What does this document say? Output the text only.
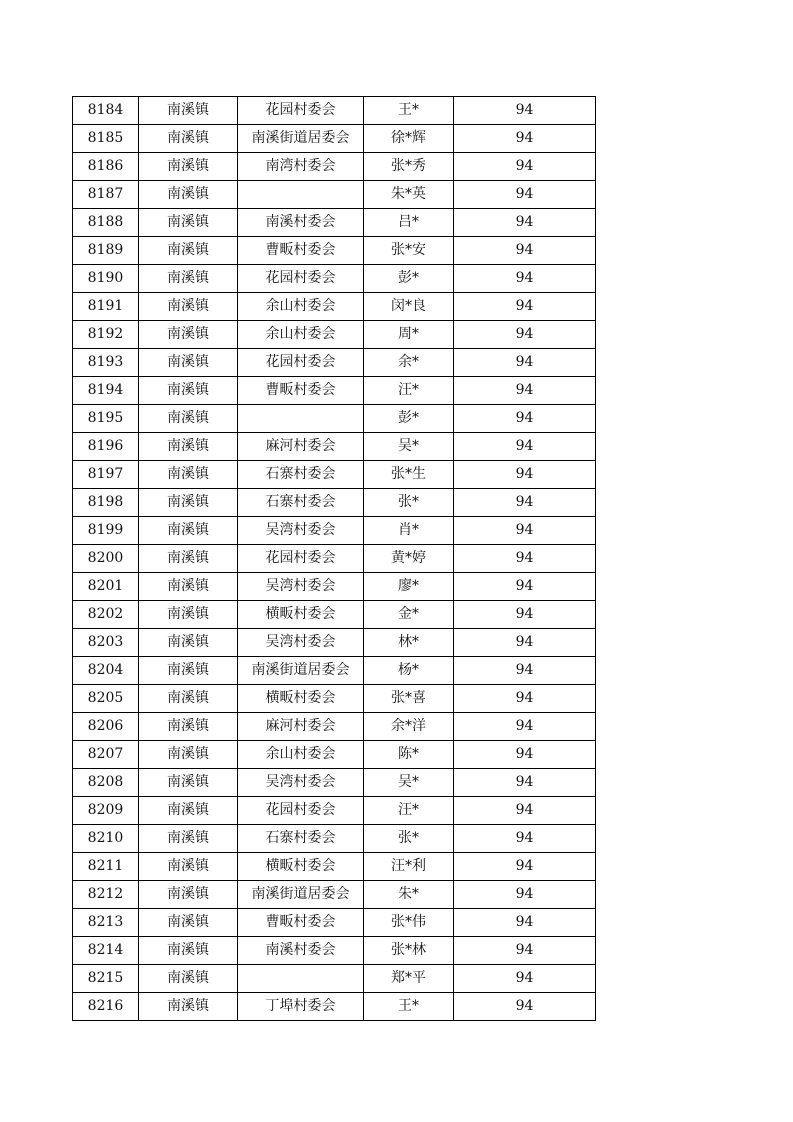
8184	南溪镇	花园村委会	王*	94
8185	南溪镇	南溪街道居委会	徐*辉	94
8186	南溪镇	南湾村委会	张*秀	94
8187	南溪镇		朱*英	94
8188	南溪镇	南溪村委会	吕*	94
8189	南溪镇	曹畈村委会	张*安	94
8190	南溪镇	花园村委会	彭*	94
8191	南溪镇	余山村委会	闵*良	94
8192	南溪镇	余山村委会	周*	94
8193	南溪镇	花园村委会	余*	94
8194	南溪镇	曹畈村委会	汪*	94
8195	南溪镇		彭*	94
8196	南溪镇	麻河村委会	吴*	94
8197	南溪镇	石寨村委会	张*生	94
8198	南溪镇	石寨村委会	张*	94
8199	南溪镇	吴湾村委会	肖*	94
8200	南溪镇	花园村委会	黄*婷	94
8201	南溪镇	吴湾村委会	廖*	94
8202	南溪镇	横畈村委会	金*	94
8203	南溪镇	吴湾村委会	林*	94
8204	南溪镇	南溪街道居委会	杨*	94
8205	南溪镇	横畈村委会	张*喜	94
8206	南溪镇	麻河村委会	余*洋	94
8207	南溪镇	余山村委会	陈*	94
8208	南溪镇	吴湾村委会	吴*	94
8209	南溪镇	花园村委会	汪*	94
8210	南溪镇	石寨村委会	张*	94
8211	南溪镇	横畈村委会	汪*利	94
8212	南溪镇	南溪街道居委会	朱*	94
8213	南溪镇	曹畈村委会	张*伟	94
8214	南溪镇	南溪村委会	张*林	94
8215	南溪镇		郑*平	94
8216	南溪镇	丁埠村委会	王*	94
